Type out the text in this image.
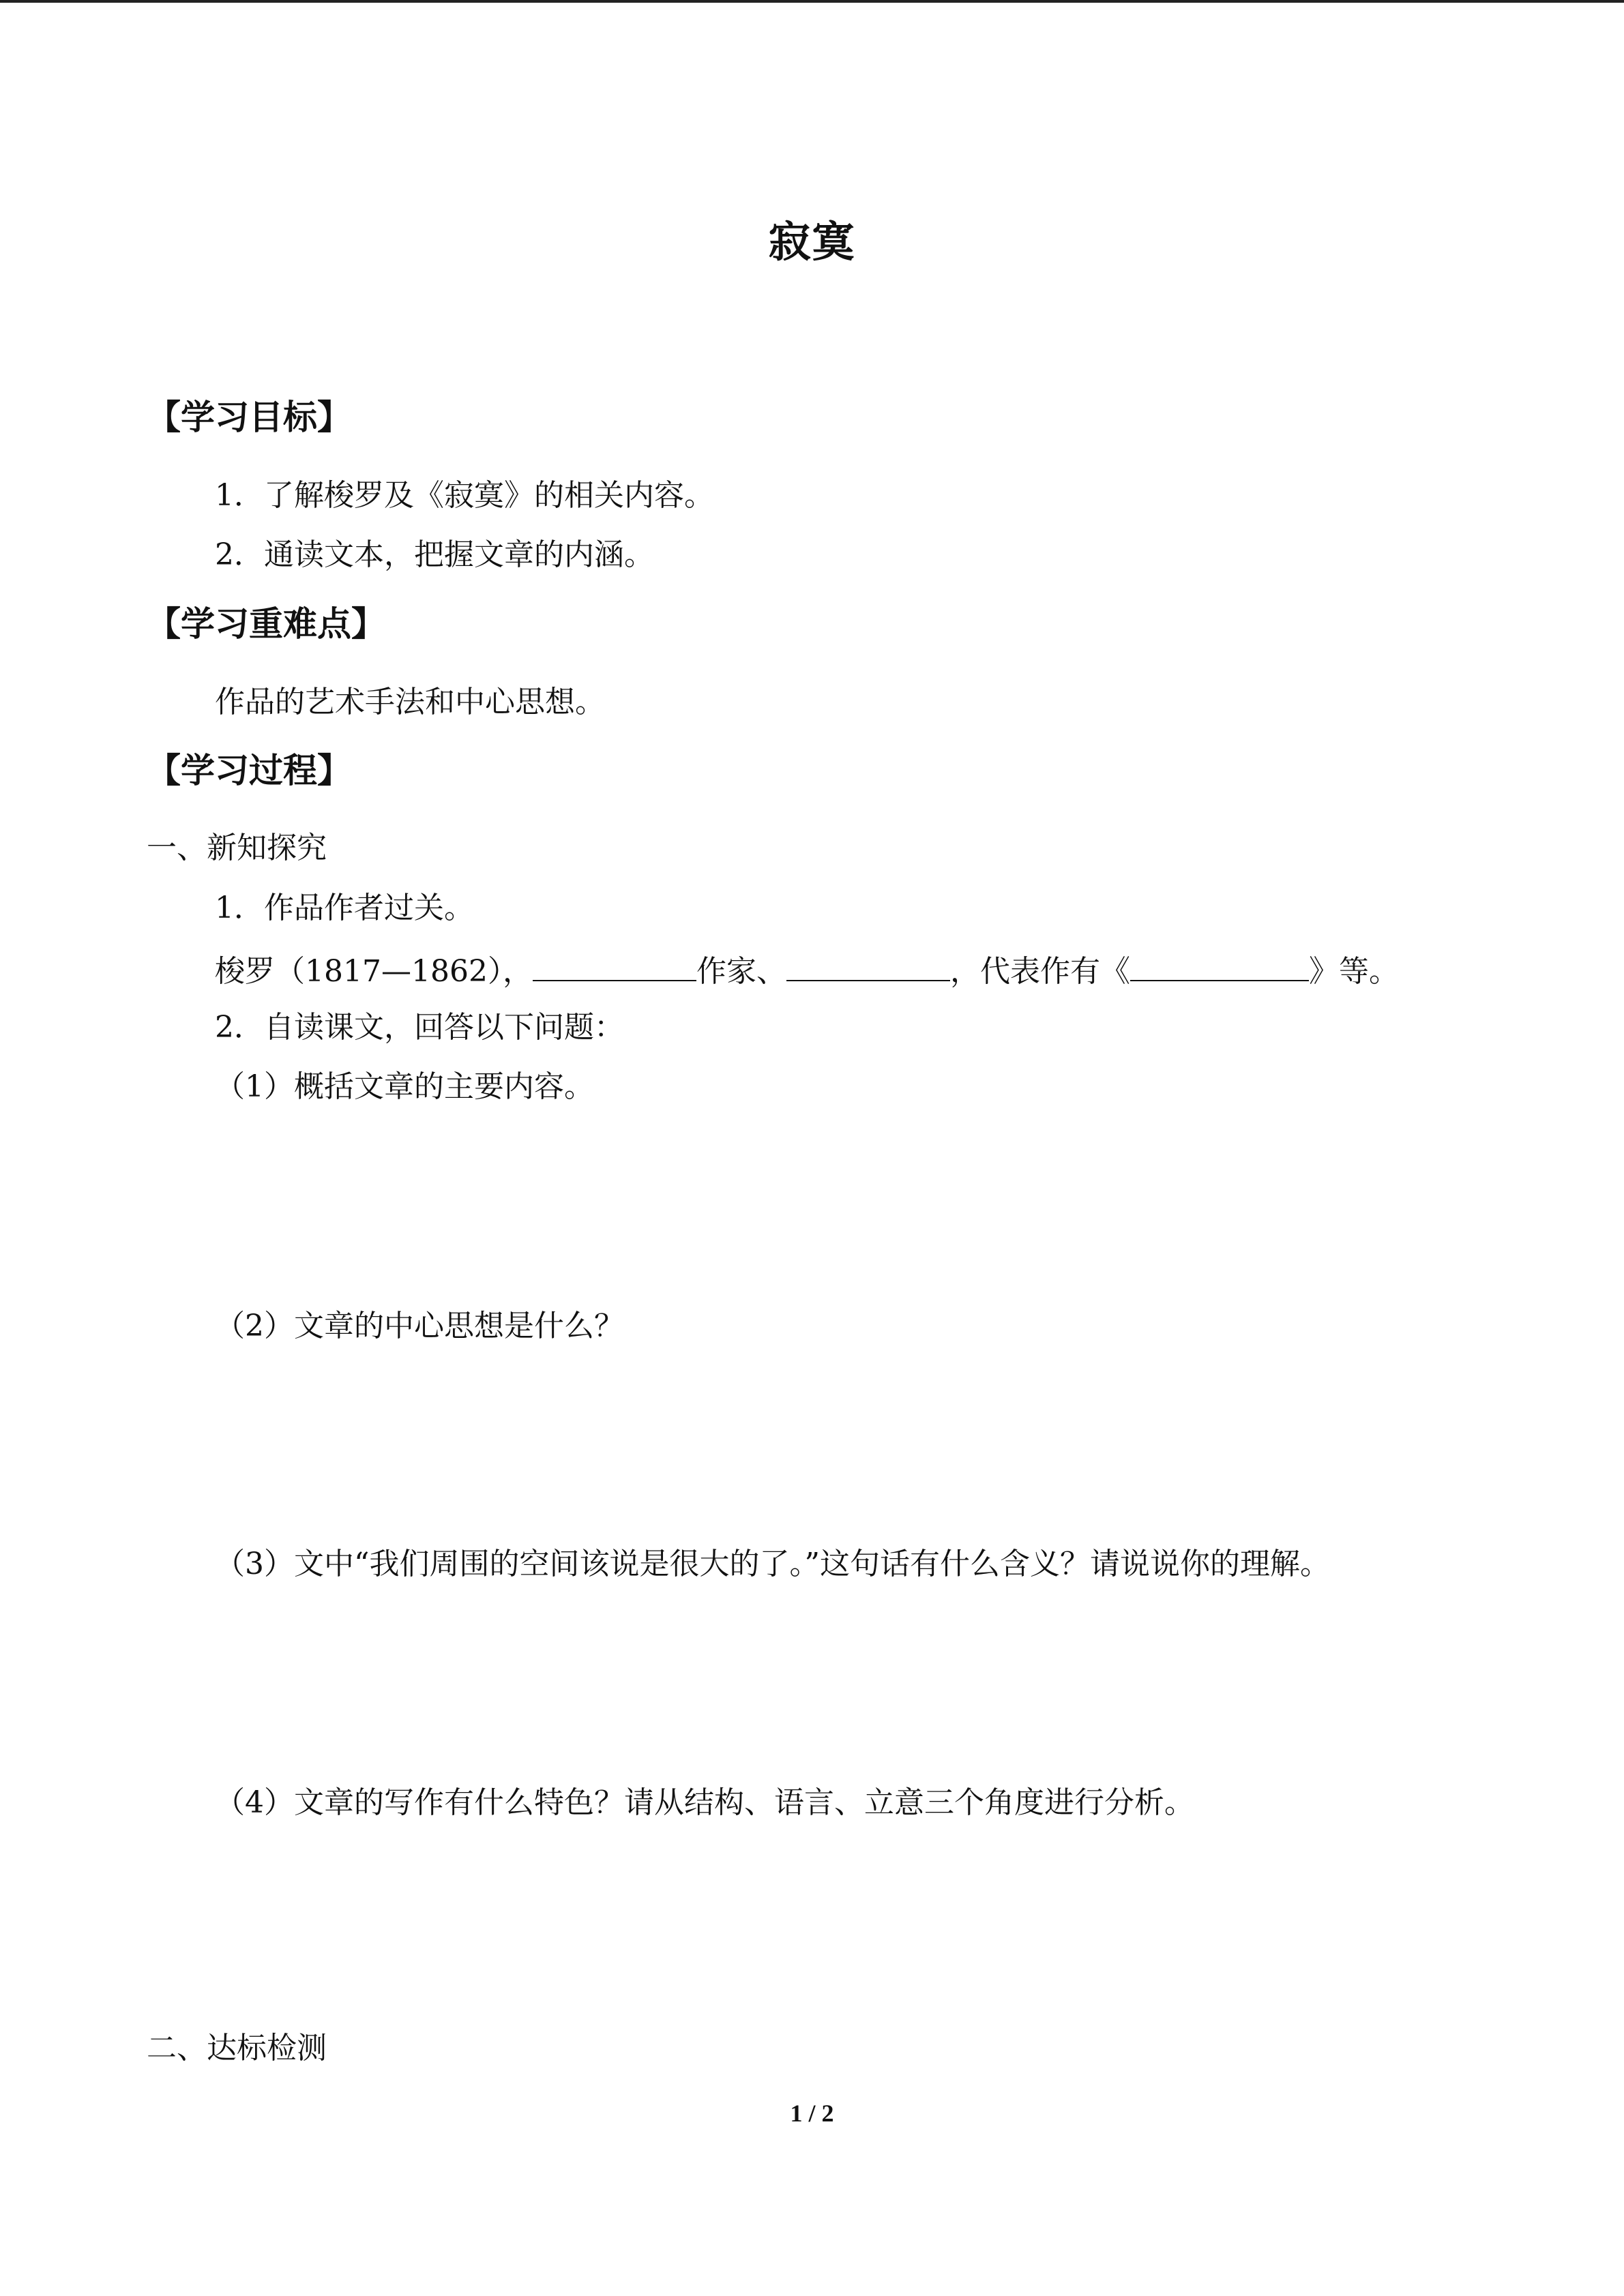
寂寞
【学习目标】
1．了解梭罗及《寂寞》的相关内容。
2．通读文本，把握文章的内涵。
【学习重难点】
作品的艺术手法和中心思想。
【学习过程】
一、新知探究
1．作品作者过关。
梭罗（1817—1862），	作家、	，代表作有《	》等。
2．自读课文，回答以下问题：
（1）概括文章的主要内容。
（2）文章的中心思想是什么？
（3）文中“我们周围的空间该说是很大的了。”这句话有什么含义？请说说你的理解。
（4）文章的写作有什么特色？请从结构、语言、立意三个角度进行分析。
二、达标检测
1 / 2
